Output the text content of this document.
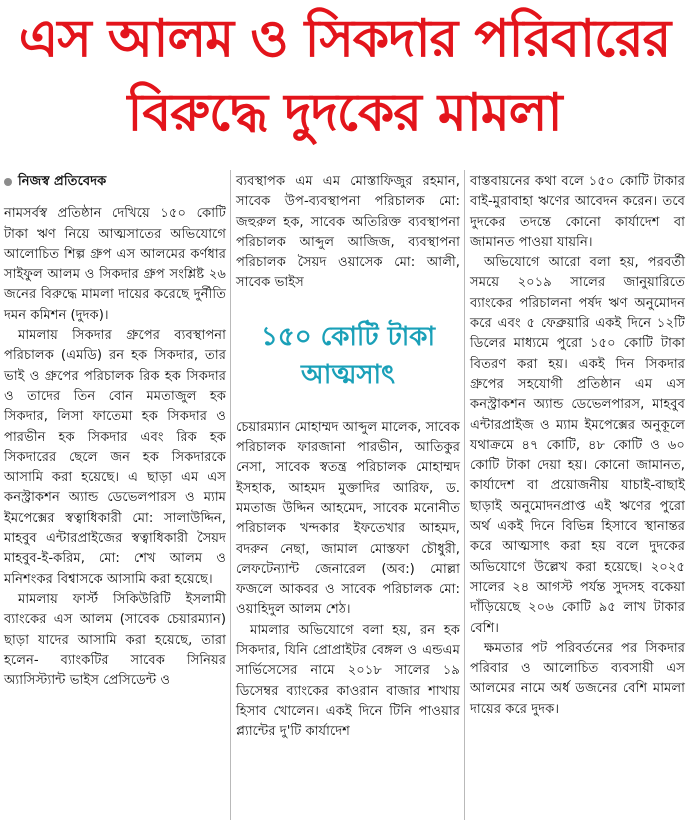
এস আলম ও সিকদার পরিবারের
বিরুদ্ধে দুদকের মামলা
নিজস্ব প্রতিবেদক

নামসর্বস্ব প্রতিষ্ঠান দেখিয়ে ১৫০ কোটি টাকা ঋণ নিয়ে আত্মসাতের অভিযোগে আলোচিত শিল্প গ্রুপ এস আলমের কর্ণধার সাইফুল আলম ও সিকদার গ্রুপ সংশ্লিষ্ট ২৬ জনের বিরুদ্ধে মামলা দায়ের করেছে দুর্নীতি দমন কমিশন (দুদক)।

মামলায় সিকদার গ্রুপের ব্যবস্থাপনা পরিচালক (এমডি) রন হক সিকদার, তার ভাই ও গ্রুপের পরিচালক রিক হক সিকদার ও তাদের তিন বোন মমতাজুল হক সিকদার, লিসা ফাতেমা হক সিকদার ও পারভীন হক সিকদার এবং রিক হক সিকদারের ছেলে জন হক সিকদারকে আসামি করা হয়েছে। এ ছাড়া এম এস কনস্ট্রাকশন অ্যান্ড ডেভেলপারস ও ম্যাম ইমপেক্সের স্বত্বাধিকারী মো: সালাউদ্দিন, মাহবুব এন্টারপ্রাইজের স্বত্বাধিকারী সৈয়দ মাহবুব-ই-করিম, মো: শেখ আলম ও মনিশংকর বিশ্বাসকে আসামি করা হয়েছে।

মামলায় ফার্স্ট সিকিউরিটি ইসলামী ব্যাংকের এস আলম (সাবেক চেয়ারম্যান) ছাড়া যাদের আসামি করা হয়েছে, তারা হলেন- ব্যাংকটির সাবেক সিনিয়র অ্যাসিস্ট্যান্ট ভাইস প্রেসিডেন্ট ও

ব্যবস্থাপক এম এম মোস্তাফিজুর রহমান, সাবেক উপ-ব্যবস্থাপনা পরিচালক মো: জহুরুল হক, সাবেক অতিরিক্ত ব্যবস্থাপনা পরিচালক আব্দুল আজিজ, ব্যবস্থাপনা পরিচালক সৈয়দ ওয়াসেক মো: আলী, সাবেক ভাইস

১৫০ কোটি টাকা
আত্মসাৎ

চেয়ারম্যান মোহাম্মদ আব্দুল মালেক, সাবেক পরিচালক ফারজানা পারভীন, আতিকুর নেসা, সাবেক স্বতন্ত্র পরিচালক মোহাম্মদ ইসহাক, আহমদ মুক্তাদির আরিফ, ড. মমতাজ উদ্দিন আহমেদ, সাবেক মনোনীত পরিচালক খন্দকার ইফতেখার আহমদ, বদরুন নেছা, জামাল মোস্তফা চৌধুরী, লেফটেন্যান্ট জেনারেল (অব:) মোল্লা ফজলে আকবর ও সাবেক পরিচালক মো: ওয়াহিদুল আলম শেঠ।

মামলার অভিযোগে বলা হয়, রন হক সিকদার, যিনি প্রোপ্রাইটর বেঙ্গল ও এন্ডএম সার্ভিসেসের নামে ২০১৮ সালের ১৯ ডিসেম্বর ব্যাংকের কাওরান বাজার শাখায় হিসাব খোলেন। একই দিনে টিনি পাওয়ার প্ল্যান্টের দু'টি কার্যাদেশ

বাস্তবায়নের কথা বলে ১৫০ কোটি টাকার বাই-মুরাবাহা ঋণের আবেদন করেন। তবে দুদকের তদন্তে কোনো কার্যাদেশ বা জামানত পাওয়া যায়নি।

অভিযোগে আরো বলা হয়, পরবর্তী সময়ে ২০১৯ সালের জানুয়ারিতে ব্যাংকের পরিচালনা পর্ষদ ঋণ অনুমোদন করে এবং ৫ ফেব্রুয়ারি একই দিনে ১২টি ডিলের মাধ্যমে পুরো ১৫০ কোটি টাকা বিতরণ করা হয়। একই দিন সিকদার গ্রুপের সহযোগী প্রতিষ্ঠান এম এস কনস্ট্রাকশন অ্যান্ড ডেভেলপারস, মাহবুব এন্টারপ্রাইজ ও ম্যাম ইমপেক্সের অনুকূলে যথাক্রমে ৪৭ কোটি, ৪৮ কোটি ও ৬০ কোটি টাকা দেয়া হয়। কোনো জামানত, কার্যাদেশ বা প্রয়োজনীয় যাচাই-বাছাই ছাড়াই অনুমোদনপ্রাপ্ত এই ঋণের পুরো অর্থ একই দিনে বিভিন্ন হিসাবে স্থানান্তর করে আত্মসাৎ করা হয় বলে দুদকের অভিযোগে উল্লেখ করা হয়েছে। ২০২৫ সালের ২৪ আগস্ট পর্যন্ত সুদসহ বকেয়া দাঁড়িয়েছে ২০৬ কোটি ৯৫ লাখ টাকার বেশি।

ক্ষমতার পট পরিবর্তনের পর সিকদার পরিবার ও আলোচিত ব্যবসায়ী এস আলমের নামে অর্ধ ডজনের বেশি মামলা দায়ের করে দুদক।
